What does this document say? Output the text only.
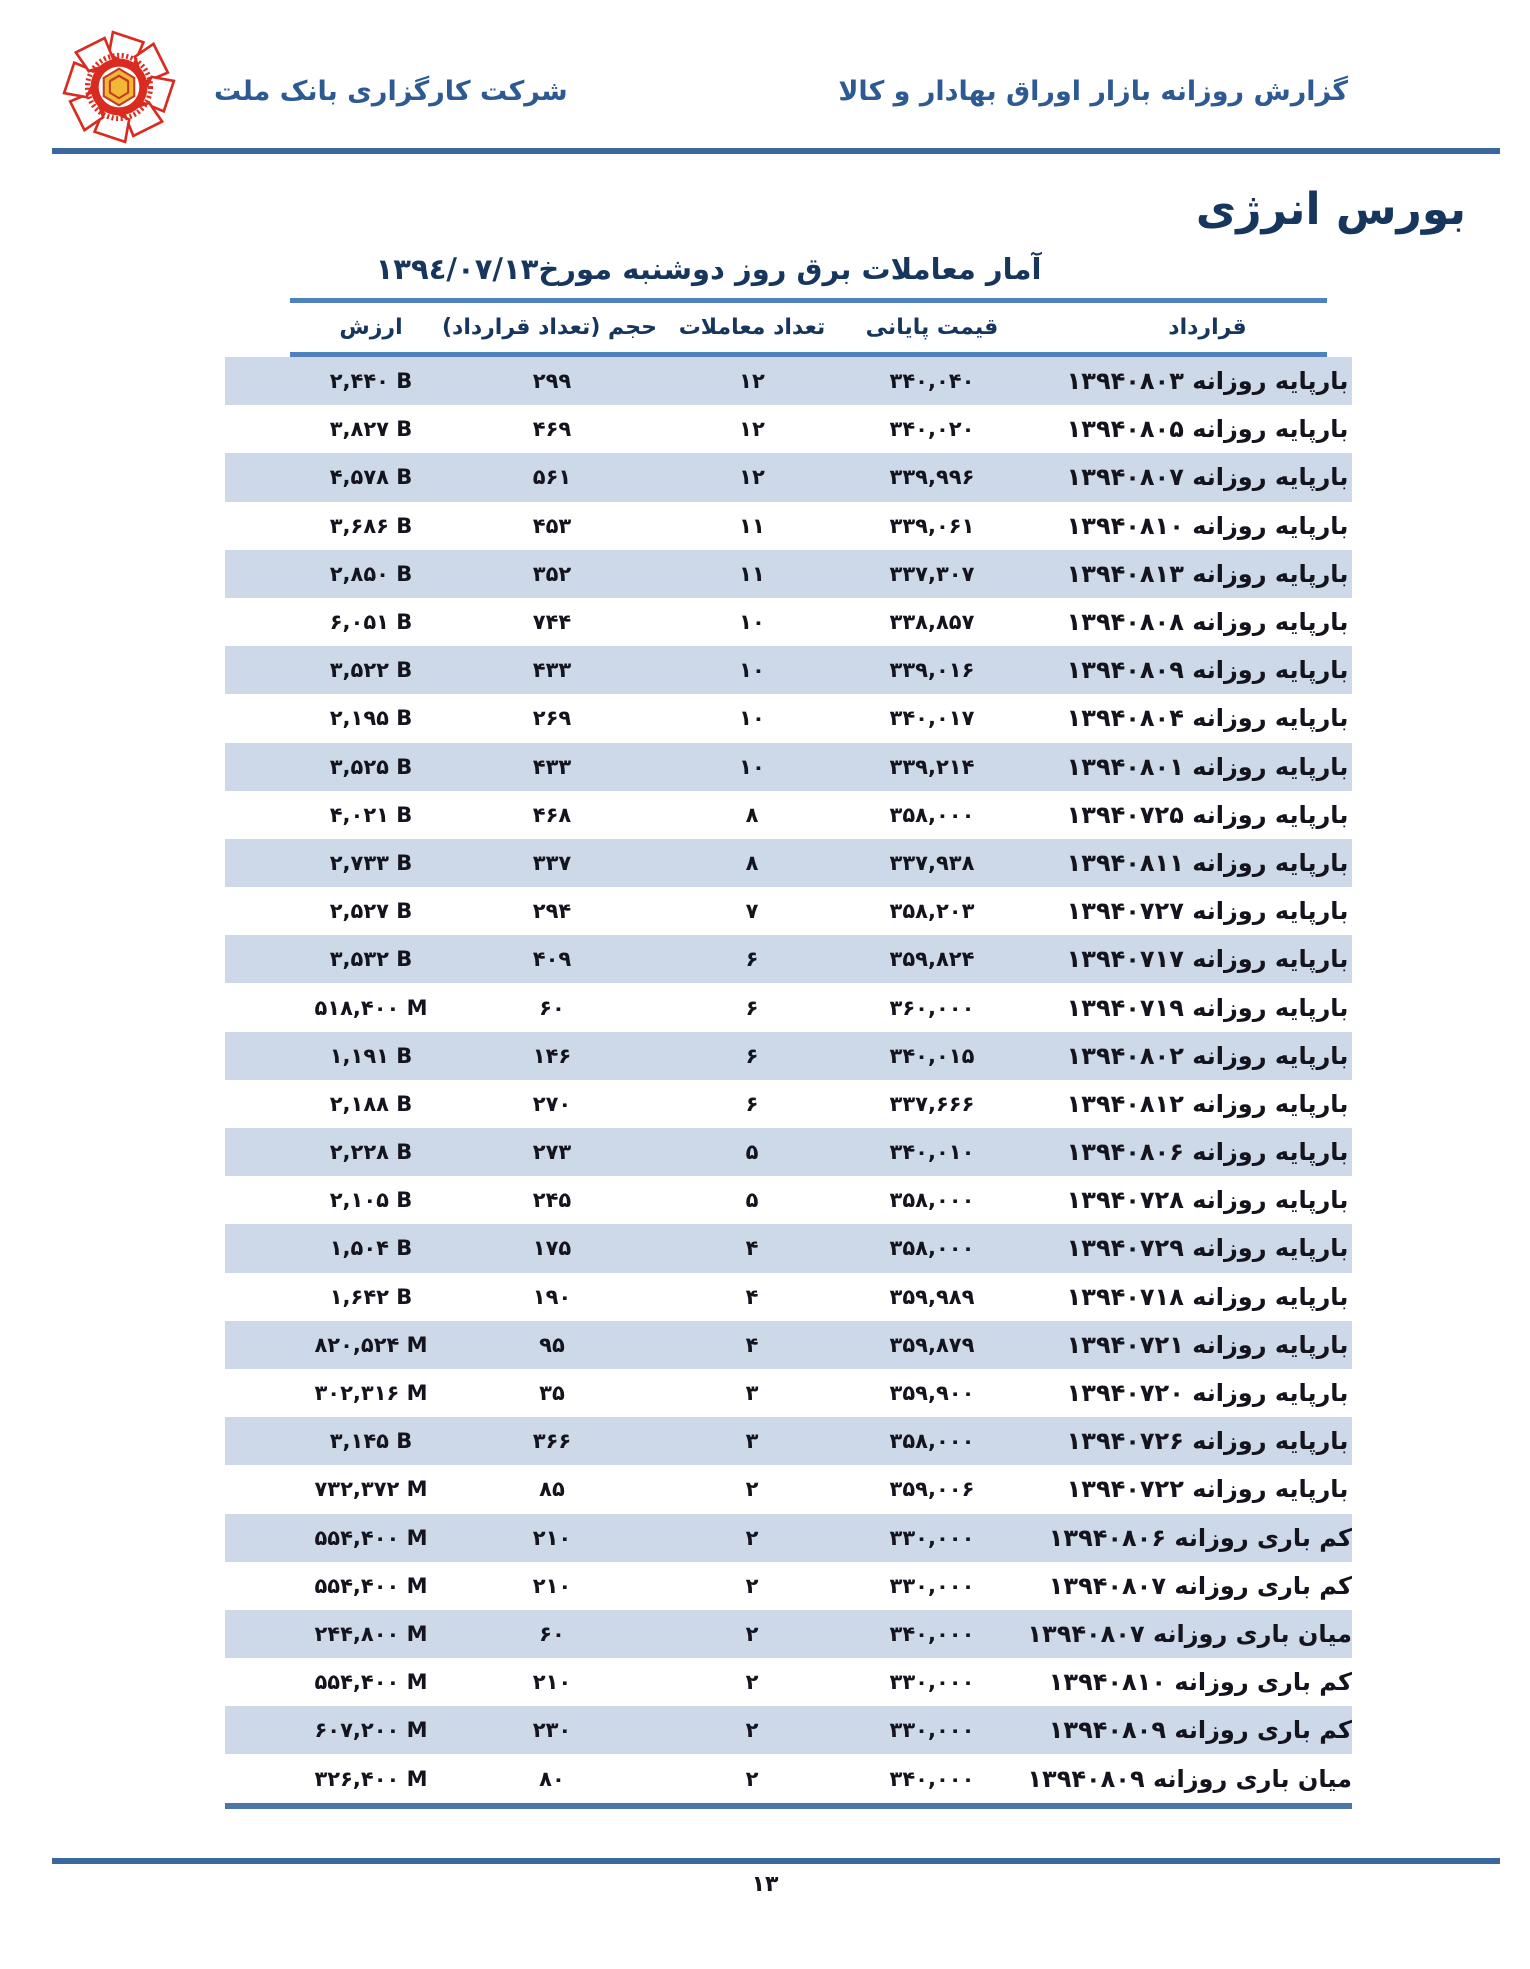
گزارش روزانه بازار اوراق بهادار و کالا
شرکت کارگزاری بانک ملت
بورس انرژی
آمار معاملات برق روز دوشنبه مورخ۱۳۹٤/۰۷/۱۳
قرارداد
قیمت پایانی
تعداد معاملات
حجم (تعداد قرارداد)
ارزش
بارپایه روزانه ۱۳۹۴۰۸۰۳
۳۴۰,۰۴۰
۱۲
۲۹۹
۲,۴۴۰ B
بارپایه روزانه ۱۳۹۴۰۸۰۵
۳۴۰,۰۲۰
۱۲
۴۶۹
۳,۸۲۷ B
بارپایه روزانه ۱۳۹۴۰۸۰۷
۳۳۹,۹۹۶
۱۲
۵۶۱
۴,۵۷۸ B
بارپایه روزانه ۱۳۹۴۰۸۱۰
۳۳۹,۰۶۱
۱۱
۴۵۳
۳,۶۸۶ B
بارپایه روزانه ۱۳۹۴۰۸۱۳
۳۳۷,۳۰۷
۱۱
۳۵۲
۲,۸۵۰ B
بارپایه روزانه ۱۳۹۴۰۸۰۸
۳۳۸,۸۵۷
۱۰
۷۴۴
۶,۰۵۱ B
بارپایه روزانه ۱۳۹۴۰۸۰۹
۳۳۹,۰۱۶
۱۰
۴۳۳
۳,۵۲۲ B
بارپایه روزانه ۱۳۹۴۰۸۰۴
۳۴۰,۰۱۷
۱۰
۲۶۹
۲,۱۹۵ B
بارپایه روزانه ۱۳۹۴۰۸۰۱
۳۳۹,۲۱۴
۱۰
۴۳۳
۳,۵۲۵ B
بارپایه روزانه ۱۳۹۴۰۷۲۵
۳۵۸,۰۰۰
۸
۴۶۸
۴,۰۲۱ B
بارپایه روزانه ۱۳۹۴۰۸۱۱
۳۳۷,۹۳۸
۸
۳۳۷
۲,۷۳۳ B
بارپایه روزانه ۱۳۹۴۰۷۲۷
۳۵۸,۲۰۳
۷
۲۹۴
۲,۵۲۷ B
بارپایه روزانه ۱۳۹۴۰۷۱۷
۳۵۹,۸۲۴
۶
۴۰۹
۳,۵۳۲ B
بارپایه روزانه ۱۳۹۴۰۷۱۹
۳۶۰,۰۰۰
۶
۶۰
۵۱۸,۴۰۰ M
بارپایه روزانه ۱۳۹۴۰۸۰۲
۳۴۰,۰۱۵
۶
۱۴۶
۱,۱۹۱ B
بارپایه روزانه ۱۳۹۴۰۸۱۲
۳۳۷,۶۶۶
۶
۲۷۰
۲,۱۸۸ B
بارپایه روزانه ۱۳۹۴۰۸۰۶
۳۴۰,۰۱۰
۵
۲۷۳
۲,۲۲۸ B
بارپایه روزانه ۱۳۹۴۰۷۲۸
۳۵۸,۰۰۰
۵
۲۴۵
۲,۱۰۵ B
بارپایه روزانه ۱۳۹۴۰۷۲۹
۳۵۸,۰۰۰
۴
۱۷۵
۱,۵۰۴ B
بارپایه روزانه ۱۳۹۴۰۷۱۸
۳۵۹,۹۸۹
۴
۱۹۰
۱,۶۴۲ B
بارپایه روزانه ۱۳۹۴۰۷۲۱
۳۵۹,۸۷۹
۴
۹۵
۸۲۰,۵۲۴ M
بارپایه روزانه ۱۳۹۴۰۷۲۰
۳۵۹,۹۰۰
۳
۳۵
۳۰۲,۳۱۶ M
بارپایه روزانه ۱۳۹۴۰۷۲۶
۳۵۸,۰۰۰
۳
۳۶۶
۳,۱۴۵ B
بارپایه روزانه ۱۳۹۴۰۷۲۲
۳۵۹,۰۰۶
۲
۸۵
۷۳۲,۳۷۲ M
کم باری روزانه ۱۳۹۴۰۸۰۶
۳۳۰,۰۰۰
۲
۲۱۰
۵۵۴,۴۰۰ M
کم باری روزانه ۱۳۹۴۰۸۰۷
۳۳۰,۰۰۰
۲
۲۱۰
۵۵۴,۴۰۰ M
میان باری روزانه ۱۳۹۴۰۸۰۷
۳۴۰,۰۰۰
۲
۶۰
۲۴۴,۸۰۰ M
کم باری روزانه ۱۳۹۴۰۸۱۰
۳۳۰,۰۰۰
۲
۲۱۰
۵۵۴,۴۰۰ M
کم باری روزانه ۱۳۹۴۰۸۰۹
۳۳۰,۰۰۰
۲
۲۳۰
۶۰۷,۲۰۰ M
میان باری روزانه ۱۳۹۴۰۸۰۹
۳۴۰,۰۰۰
۲
۸۰
۳۲۶,۴۰۰ M
۱۳
